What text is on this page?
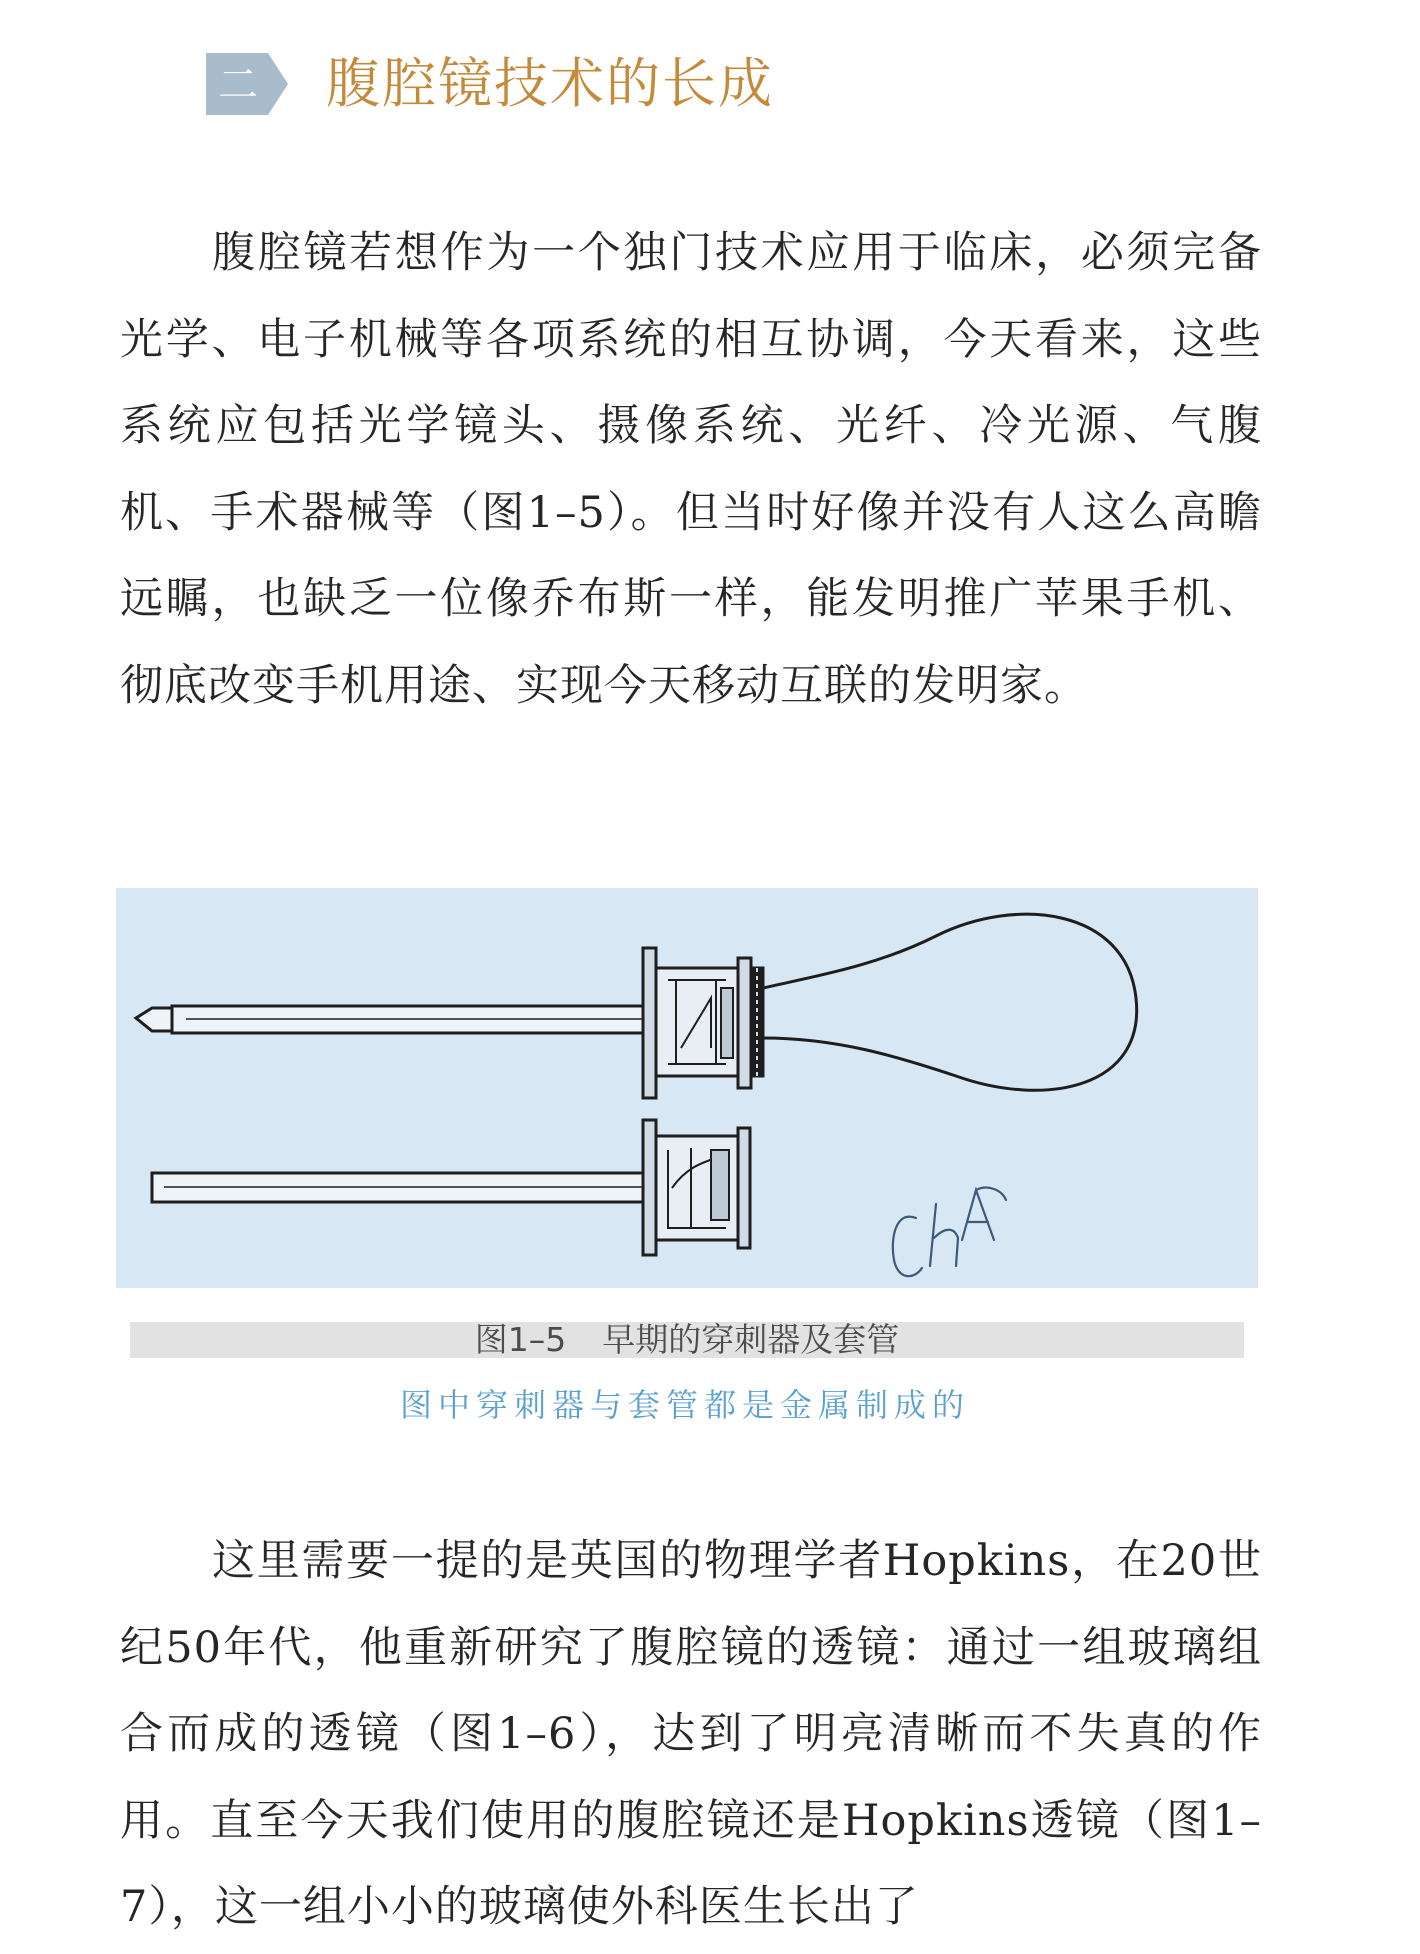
二 腹腔镜技术的长成

腹腔镜若想作为一个独门技术应用于临床，必须完备光学、电子机械等各项系统的相互协调，今天看来，这些系统应包括光学镜头、摄像系统、光纤、冷光源、气腹机、手术器械等（图1–5）。但当时好像并没有人这么高瞻远瞩，也缺乏一位像乔布斯一样，能发明推广苹果手机、彻底改变手机用途、实现今天移动互联的发明家。

图1–5 早期的穿刺器及套管
图中穿刺器与套管都是金属制成的

这里需要一提的是英国的物理学者Hopkins，在20世纪50年代，他重新研究了腹腔镜的透镜：通过一组玻璃组合而成的透镜（图1–6），达到了明亮清晰而不失真的作用。直至今天我们使用的腹腔镜还是Hopkins透镜（图1–7），这一组小小的玻璃使外科医生长出了
